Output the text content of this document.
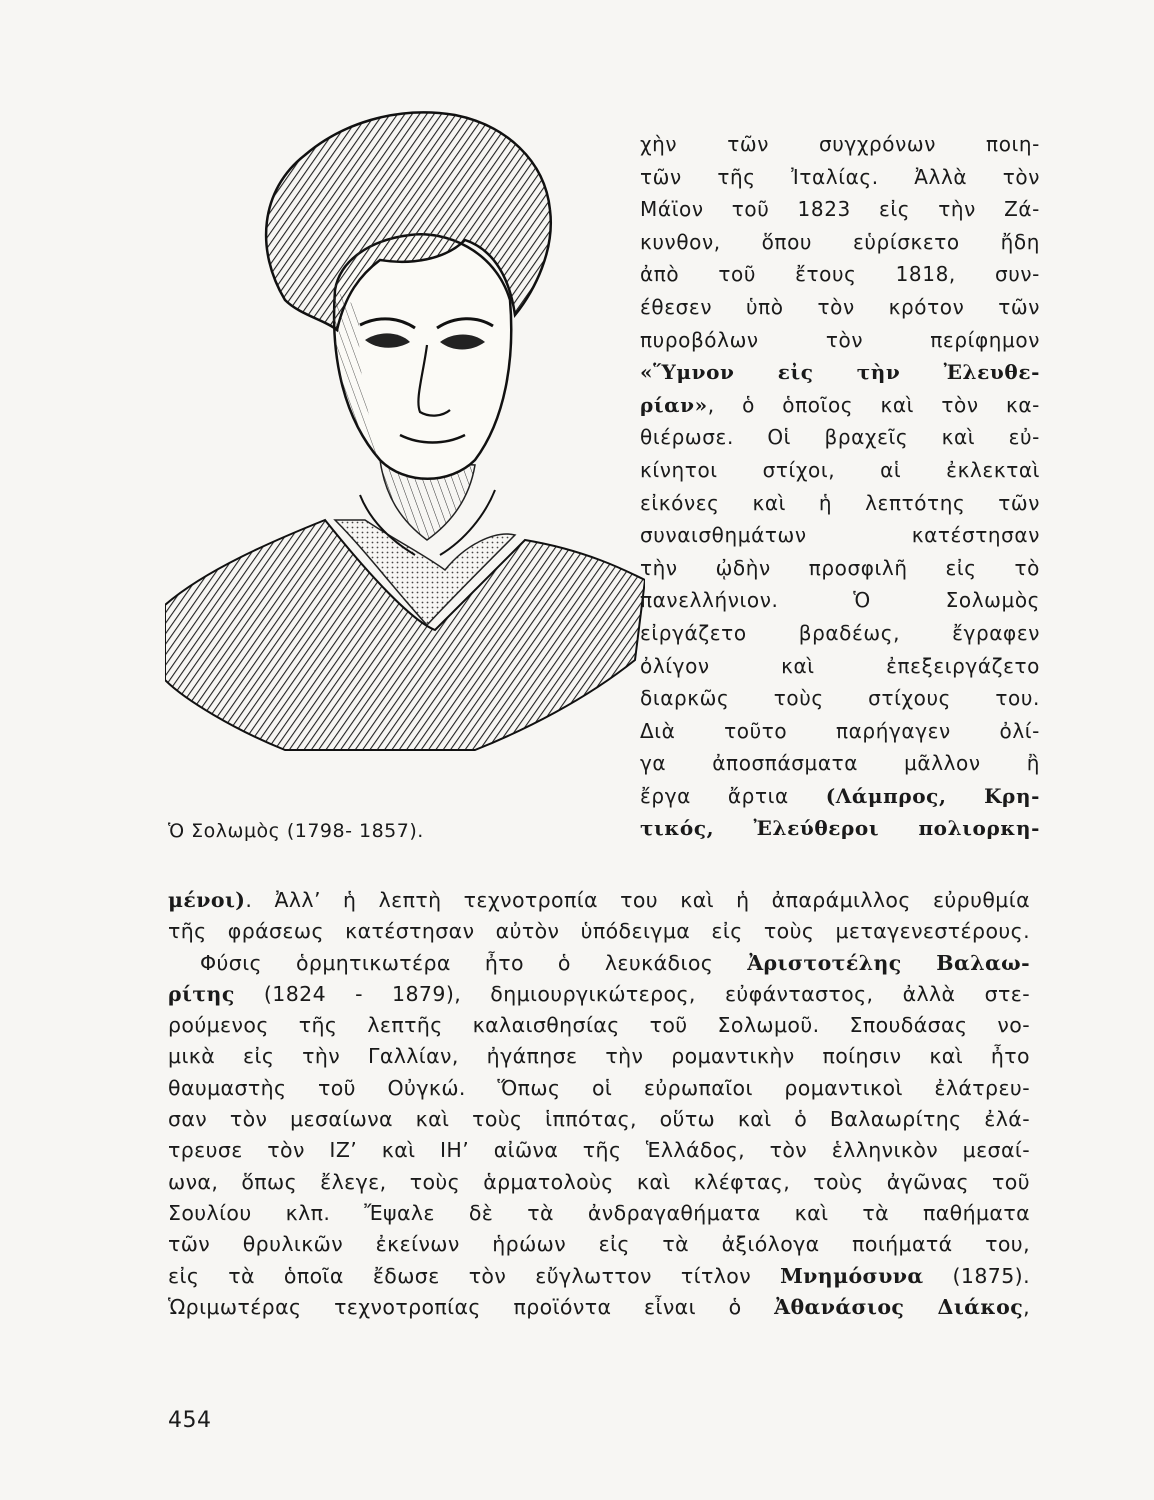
Ὁ Σολωμὸς (1798- 1857).
χὴν τῶν συγχρόνων ποιη-
τῶν τῆς Ἰταλίας. Ἀλλὰ τὸν
Μάϊον τοῦ 1823 εἰς τὴν Ζά-
κυνθον, ὅπου εὑρίσκετο ἤδη
ἀπὸ τοῦ ἔτους 1818, συν-
έθεσεν ὑπὸ τὸν κρότον τῶν
πυροβόλων τὸν περίφημον
«Ὕμνον εἰς τὴν Ἐλευθε-
ρίαν», ὁ ὁποῖος καὶ τὸν κα-
θιέρωσε. Οἱ βραχεῖς καὶ εὐ-
κίνητοι στίχοι, αἱ ἐκλεκταὶ
εἰκόνες καὶ ἡ λεπτότης τῶν
συναισθημάτων κατέστησαν
τὴν ᾠδὴν προσφιλῆ εἰς τὸ
πανελλήνιον. Ὁ Σολωμὸς
εἰργάζετο βραδέως, ἔγραφεν
ὀλίγον καὶ ἐπεξειργάζετο
διαρκῶς τοὺς στίχους του.
Διὰ τοῦτο παρήγαγεν ὀλί-
γα ἀποσπάσματα μᾶλλον ἢ
ἔργα ἄρτια (Λάμπρος, Κρη-
τικός, Ἐλεύθεροι πολιορκη-
μένοι). Ἀλλ’ ἡ λεπτὴ τεχνοτροπία του καὶ ἡ ἀπαράμιλλος εὐρυθμία
τῆς φράσεως κατέστησαν αὐτὸν ὑπόδειγμα εἰς τοὺς μεταγενεστέρους.
Φύσις ὁρμητικωτέρα ἦτο ὁ λευκάδιος Ἀριστοτέλης Βαλαω-
ρίτης (1824 - 1879), δημιουργικώτερος, εὐφάνταστος, ἀλλὰ στε-
ρούμενος τῆς λεπτῆς καλαισθησίας τοῦ Σολωμοῦ. Σπουδάσας νο-
μικὰ εἰς τὴν Γαλλίαν, ἠγάπησε τὴν ρομαντικὴν ποίησιν καὶ ἦτο
θαυμαστὴς τοῦ Οὐγκώ. Ὅπως οἱ εὐρωπαῖοι ρομαντικοὶ ἐλάτρευ-
σαν τὸν μεσαίωνα καὶ τοὺς ἱππότας, οὕτω καὶ ὁ Βαλαωρίτης ἐλά-
τρευσε τὸν ΙΖ’ καὶ ΙΗ’ αἰῶνα τῆς Ἑλλάδος, τὸν ἑλληνικὸν μεσαί-
ωνα, ὅπως ἔλεγε, τοὺς ἁρματολοὺς καὶ κλέφτας, τοὺς ἀγῶνας τοῦ
Σουλίου κλπ. Ἔψαλε δὲ τὰ ἀνδραγαθήματα καὶ τὰ παθήματα
τῶν θρυλικῶν ἐκείνων ἡρώων εἰς τὰ ἀξιόλογα ποιήματά του,
εἰς τὰ ὁποῖα ἔδωσε τὸν εὔγλωττον τίτλον Μνημόσυνα (1875).
Ὡριμωτέρας τεχνοτροπίας προϊόντα εἶναι ὁ Ἀθανάσιος Διάκος,
454
